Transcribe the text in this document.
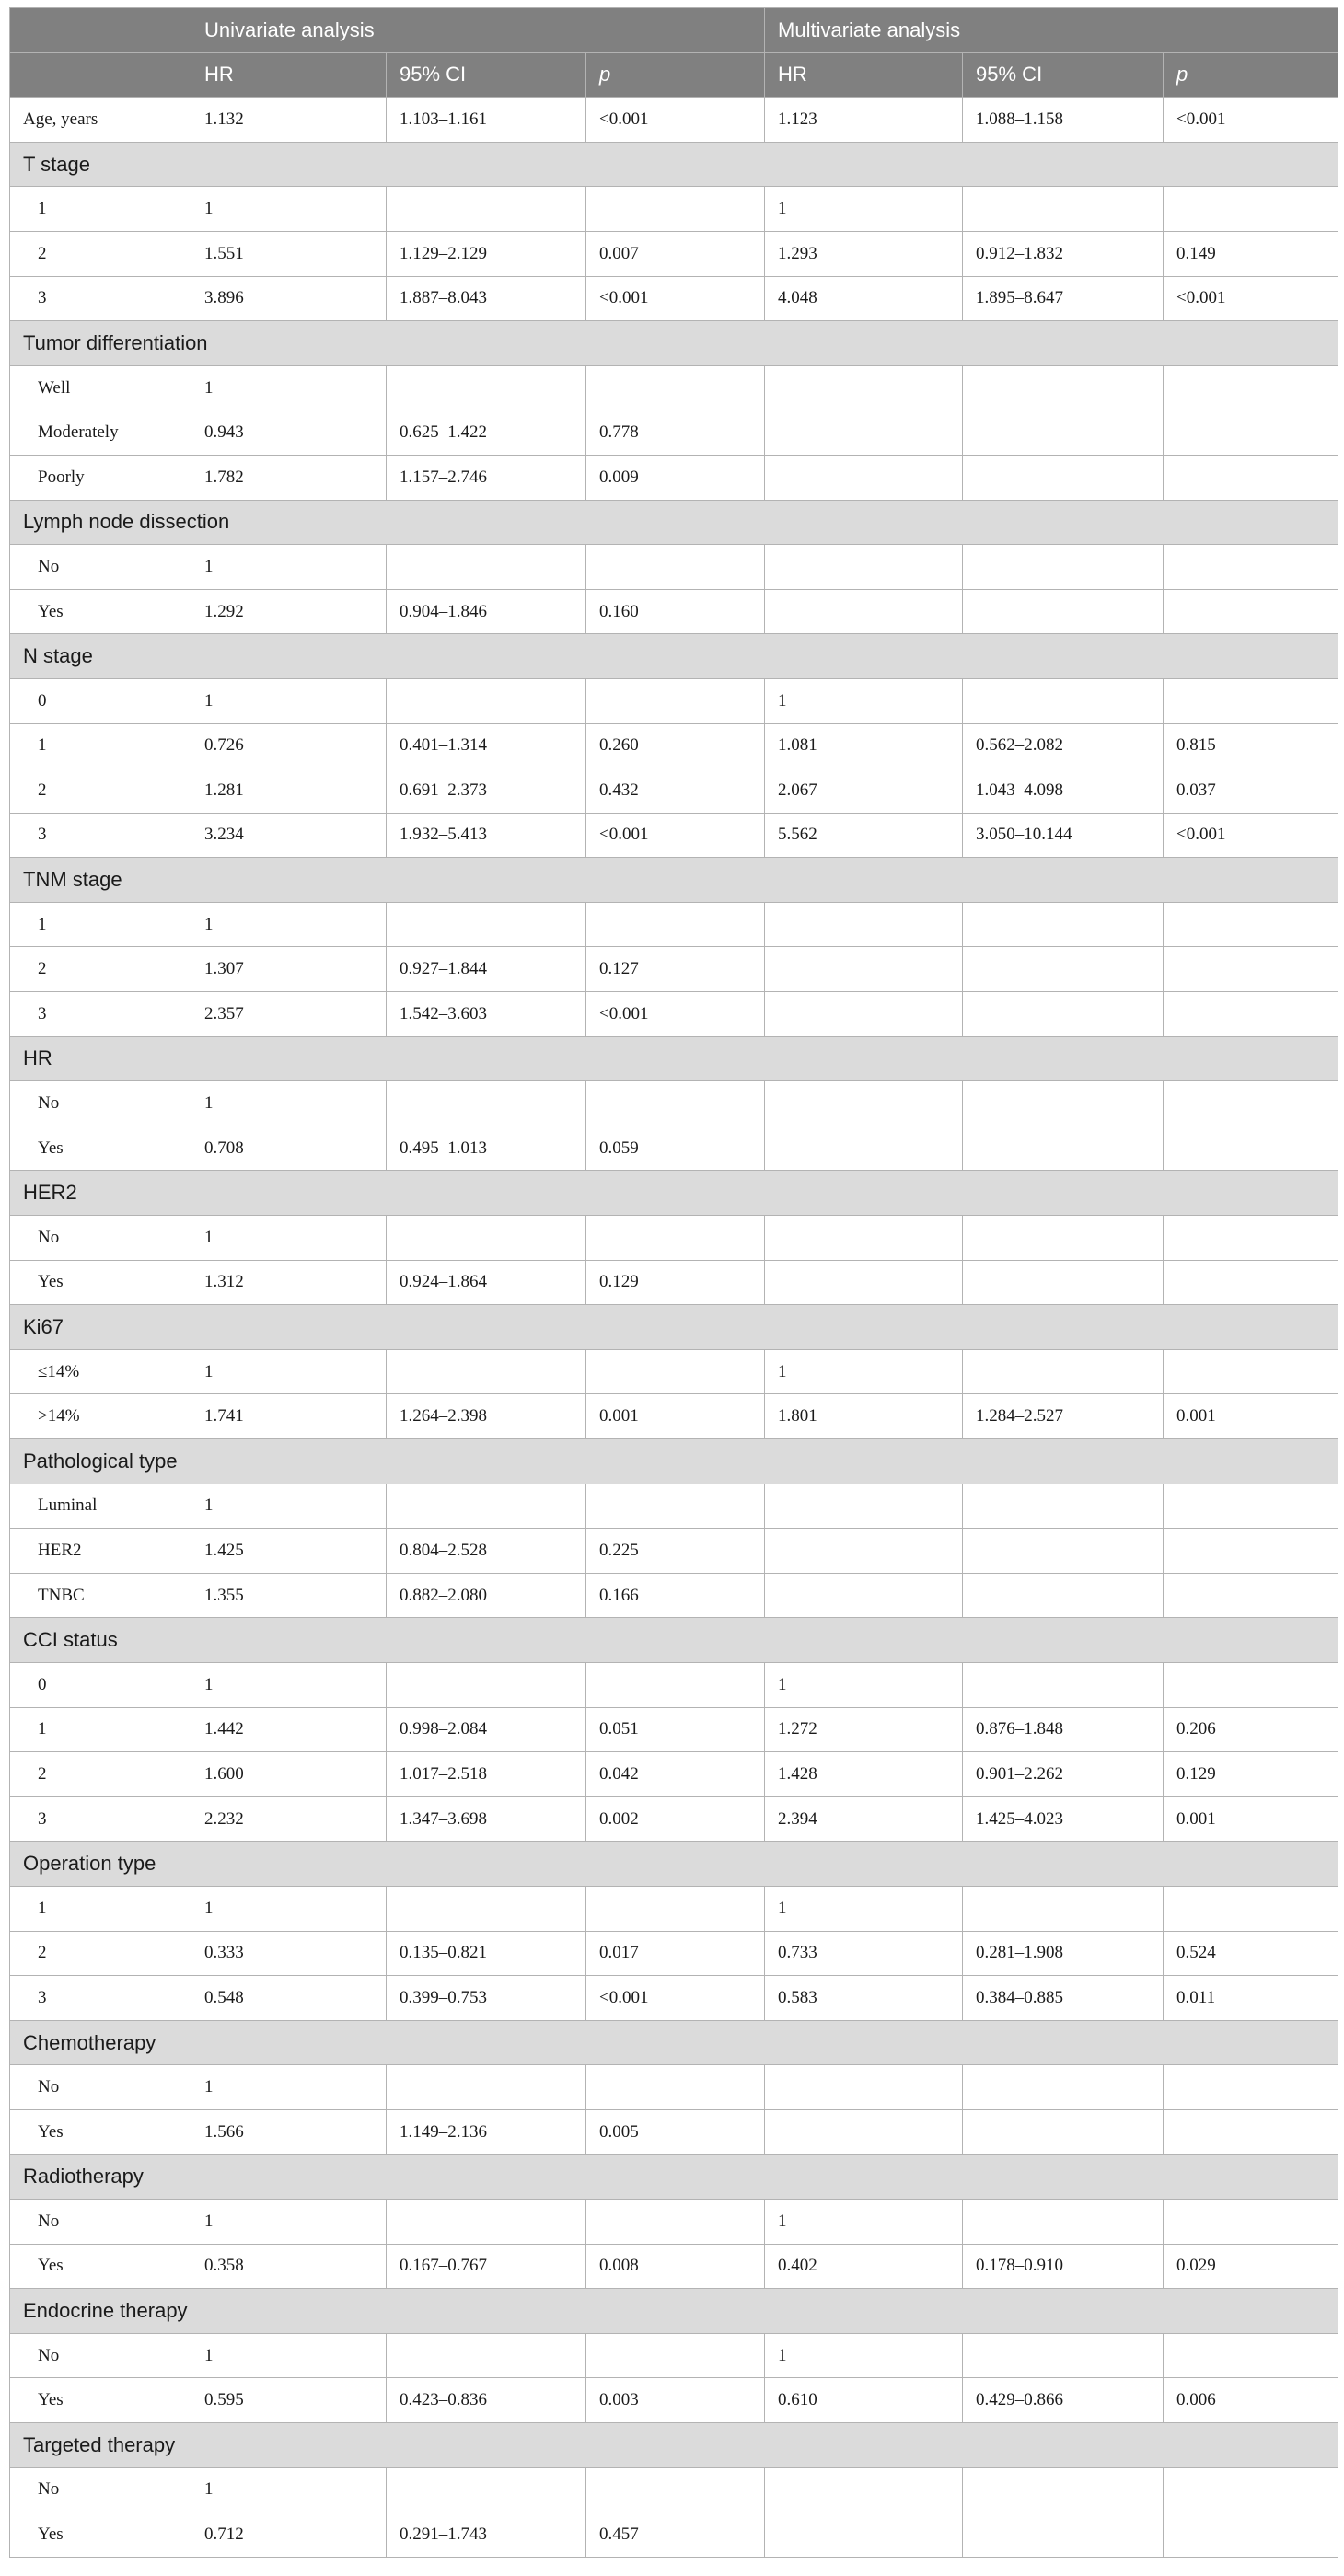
	Univariate analysis			Multivariate analysis		
	HR	95% CI	p	HR	95% CI	p
Age, years	1.132	1.103–1.161	<0.001	1.123	1.088–1.158	<0.001
T stage						
1	1			1		
2	1.551	1.129–2.129	0.007	1.293	0.912–1.832	0.149
3	3.896	1.887–8.043	<0.001	4.048	1.895–8.647	<0.001
Tumor differentiation						
Well	1					
Moderately	0.943	0.625–1.422	0.778			
Poorly	1.782	1.157–2.746	0.009			
Lymph node dissection						
No	1					
Yes	1.292	0.904–1.846	0.160			
N stage						
0	1			1		
1	0.726	0.401–1.314	0.260	1.081	0.562–2.082	0.815
2	1.281	0.691–2.373	0.432	2.067	1.043–4.098	0.037
3	3.234	1.932–5.413	<0.001	5.562	3.050–10.144	<0.001
TNM stage						
1	1					
2	1.307	0.927–1.844	0.127			
3	2.357	1.542–3.603	<0.001			
HR						
No	1					
Yes	0.708	0.495–1.013	0.059			
HER2						
No	1					
Yes	1.312	0.924–1.864	0.129			
Ki67						
≤14%	1			1		
>14%	1.741	1.264–2.398	0.001	1.801	1.284–2.527	0.001
Pathological type						
Luminal	1					
HER2	1.425	0.804–2.528	0.225			
TNBC	1.355	0.882–2.080	0.166			
CCI status						
0	1			1		
1	1.442	0.998–2.084	0.051	1.272	0.876–1.848	0.206
2	1.600	1.017–2.518	0.042	1.428	0.901–2.262	0.129
3	2.232	1.347–3.698	0.002	2.394	1.425–4.023	0.001
Operation type						
1	1			1		
2	0.333	0.135–0.821	0.017	0.733	0.281–1.908	0.524
3	0.548	0.399–0.753	<0.001	0.583	0.384–0.885	0.011
Chemotherapy						
No	1					
Yes	1.566	1.149–2.136	0.005			
Radiotherapy						
No	1			1		
Yes	0.358	0.167–0.767	0.008	0.402	0.178–0.910	0.029
Endocrine therapy						
No	1			1		
Yes	0.595	0.423–0.836	0.003	0.610	0.429–0.866	0.006
Targeted therapy						
No	1					
Yes	0.712	0.291–1.743	0.457			
